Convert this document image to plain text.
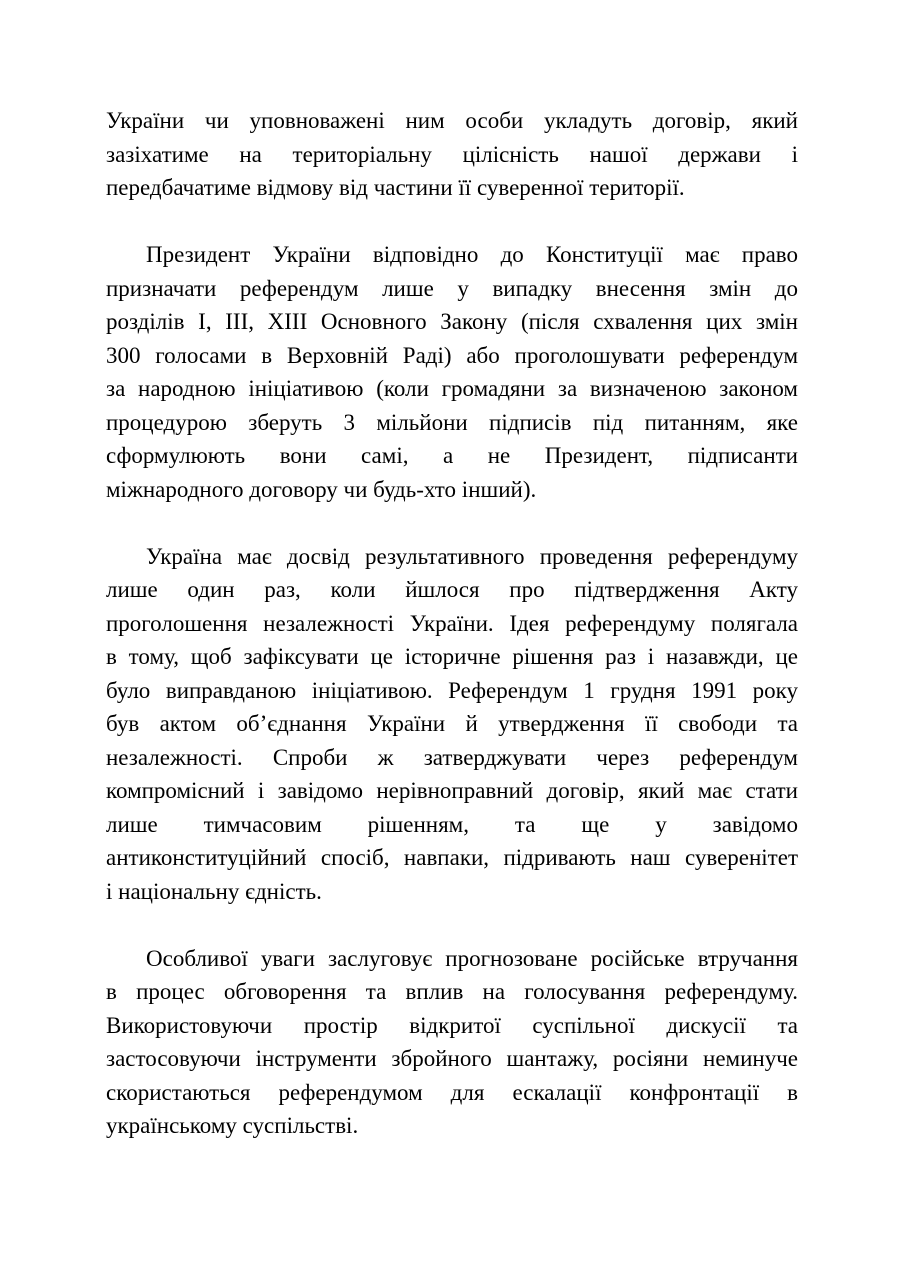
України чи уповноважені ним особи укладуть договір, який
зазіхатиме на територіальну цілісність нашої держави і
передбачатиме відмову від частини її суверенної території.
Президент України відповідно до Конституції має право
призначати референдум лише у випадку внесення змін до
розділів I, III, XIII Основного Закону (після схвалення цих змін
300 голосами в Верховній Раді) або проголошувати референдум
за народною ініціативою (коли громадяни за визначеною законом
процедурою зберуть 3 мільйони підписів під питанням, яке
сформулюють вони самі, а не Президент, підписанти
міжнародного договору чи будь-хто інший).
Україна має досвід результативного проведення референдуму
лише один раз, коли йшлося про підтвердження Акту
проголошення незалежності України. Ідея референдуму полягала
в тому, щоб зафіксувати це історичне рішення раз і назавжди, це
було виправданою ініціативою. Референдум 1 грудня 1991 року
був актом об’єднання України й утвердження її свободи та
незалежності. Спроби ж затверджувати через референдум
компромісний і завідомо нерівноправний договір, який має стати
лише тимчасовим рішенням, та ще у завідомо
антиконституційний спосіб, навпаки, підривають наш суверенітет
і національну єдність.
Особливої уваги заслуговує прогнозоване російське втручання
в процес обговорення та вплив на голосування референдуму.
Використовуючи простір відкритої суспільної дискусії та
застосовуючи інструменти збройного шантажу, росіяни неминуче
скористаються референдумом для ескалації конфронтації в
українському суспільстві.
